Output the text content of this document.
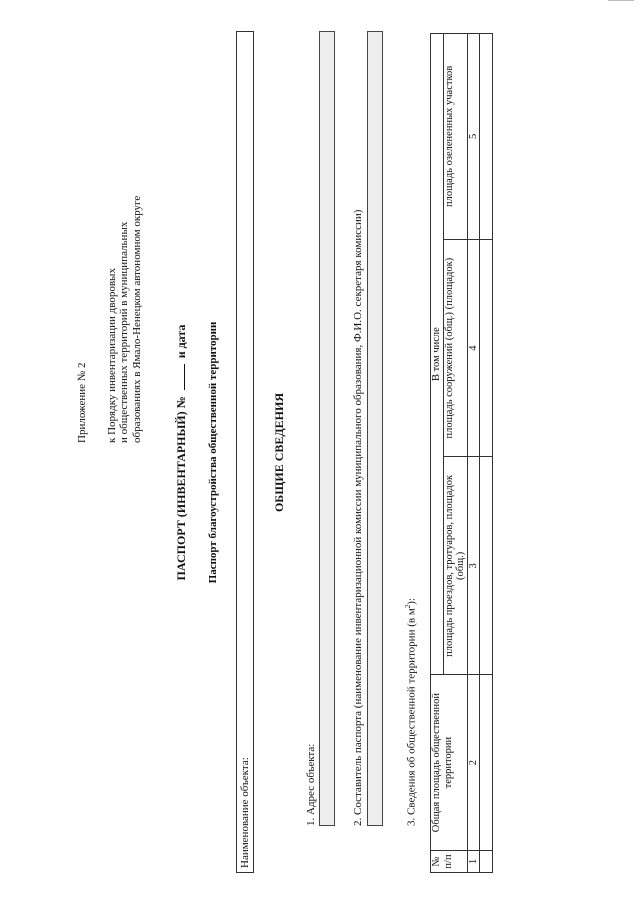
Приложение № 2 к Порядку инвентаризации дворовых и общественных территорий в муниципальных образованиях в Ямало-Ненецком автономном округе
ПАСПОРТ (ИНВЕНТАРНЫЙ) №  и дата Паспорт благоустройства общественной территории
Наименование объекта:
ОБЩИЕ СВЕДЕНИЯ
1. Адрес объекта:	2. Составитель паспорта (наименование инвентаризационной комиссии муниципального образования, Ф.И.О. секретаря комиссии)	3. Сведения об общественной территории (в $м^2$):
№ п/п	Общая площадь общественной территории	В том числе		
		площадь проездов, тротуаров, площадок (общ.)	площадь сооружений (общ.) (площадок)	площадь озелененных участков
1	2	3	4	5
